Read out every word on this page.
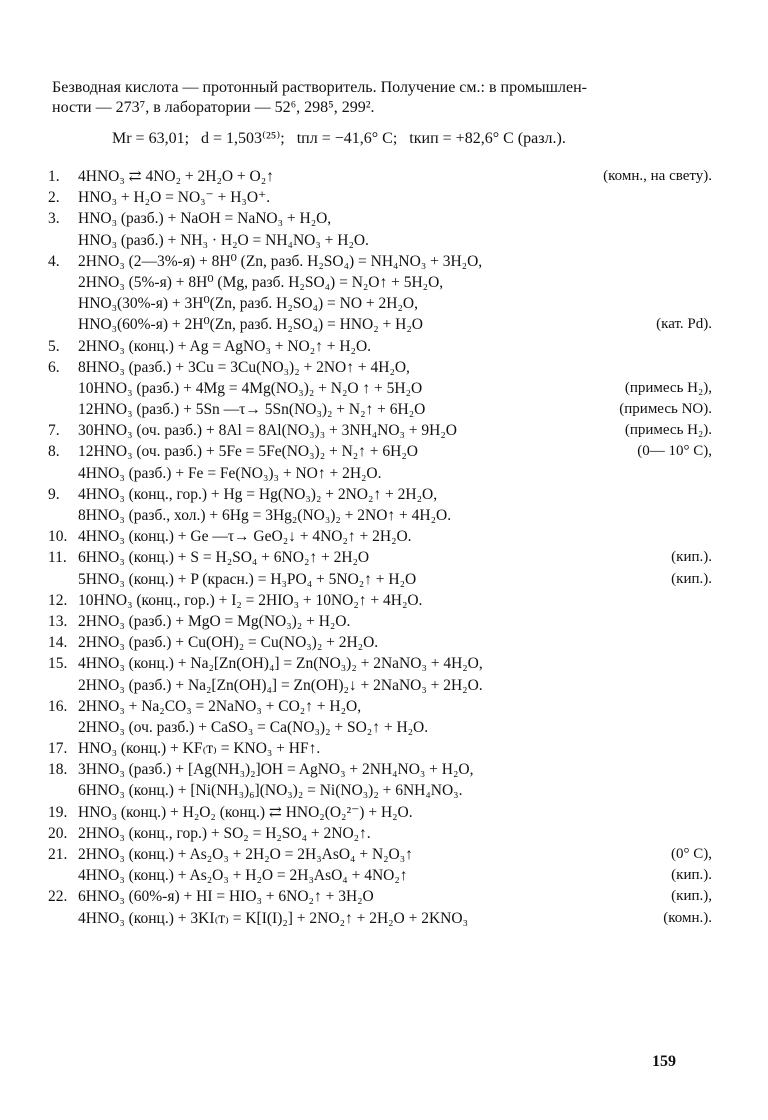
Безводная кислота — протонный растворитель. Получение см.: в промышлен-
ности — 273⁷, в лаборатории — 52⁶, 298⁵, 299².
Mr = 63,01; d = 1,503⁽²⁵⁾; tпл = −41,6° C; tкип = +82,6° C (разл.).
1.	4HNO₃ ⇄ 4NO₂ + 2H₂O + O₂↑	(комн., на свету).
2.	HNO₃ + H₂O = NO₃⁻ + H₃O⁺.
3.	HNO₃ (разб.) + NaOH = NaNO₃ + H₂O,
HNO₃ (разб.) + NH₃ · H₂O = NH₄NO₃ + H₂O.
4.	2HNO₃ (2—3%-я) + 8H⁰ (Zn, разб. H₂SO₄) = NH₄NO₃ + 3H₂O,
2HNO₃ (5%-я) + 8H⁰ (Mg, разб. H₂SO₄) = N₂O↑ + 5H₂O,
HNO₃(30%-я) + 3H⁰(Zn, разб. H₂SO₄) = NO + 2H₂O,
HNO₃(60%-я) + 2H⁰(Zn, разб. H₂SO₄) = HNO₂ + H₂O	(кат. Pd).
5.	2HNO₃ (конц.) + Ag = AgNO₃ + NO₂↑ + H₂O.
6.	8HNO₃ (разб.) + 3Cu = 3Cu(NO₃)₂ + 2NO↑ + 4H₂O,
10HNO₃ (разб.) + 4Mg = 4Mg(NO₃)₂ + N₂O ↑ + 5H₂O	(примесь H₂),
12HNO₃ (разб.) + 5Sn —τ→ 5Sn(NO₃)₂ + N₂↑ + 6H₂O	(примесь NO).
7.	30HNO₃ (оч. разб.) + 8Al = 8Al(NO₃)₃ + 3NH₄NO₃ + 9H₂O	(примесь H₂).
8.	12HNO₃ (оч. разб.) + 5Fe = 5Fe(NO₃)₂ + N₂↑ + 6H₂O	(0— 10° C),
4HNO₃ (разб.) + Fe = Fe(NO₃)₃ + NO↑ + 2H₂O.
9.	4HNO₃ (конц., гор.) + Hg = Hg(NO₃)₂ + 2NO₂↑ + 2H₂O,
8HNO₃ (разб., хол.) + 6Hg = 3Hg₂(NO₃)₂ + 2NO↑ + 4H₂O.
10. 4HNO₃ (конц.) + Ge —τ→ GeO₂↓ + 4NO₂↑ + 2H₂O.
11. 6HNO₃ (конц.) + S = H₂SO₄ + 6NO₂↑ + 2H₂O	(кип.).
5HNO₃ (конц.) + P (красн.) = H₃PO₄ + 5NO₂↑ + H₂O	(кип.).
12. 10HNO₃ (конц., гор.) + I₂ = 2HIO₃ + 10NO₂↑ + 4H₂O.
13. 2HNO₃ (разб.) + MgO = Mg(NO₃)₂ + H₂O.
14. 2HNO₃ (разб.) + Cu(OH)₂ = Cu(NO₃)₂ + 2H₂O.
15. 4HNO₃ (конц.) + Na₂[Zn(OH)₄] = Zn(NO₃)₂ + 2NaNO₃ + 4H₂O,
2HNO₃ (разб.) + Na₂[Zn(OH)₄] = Zn(OH)₂↓ + 2NaNO₃ + 2H₂O.
16. 2HNO₃ + Na₂CO₃ = 2NaNO₃ + CO₂↑ + H₂O,
2HNO₃ (оч. разб.) + CaSO₃ = Ca(NO₃)₂ + SO₂↑ + H₂O.
17. HNO₃ (конц.) + KF₍т₎ = KNO₃ + HF↑.
18. 3HNO₃ (разб.) + [Ag(NH₃)₂]OH = AgNO₃ + 2NH₄NO₃ + H₂O,
6HNO₃ (конц.) + [Ni(NH₃)₆](NO₃)₂ = Ni(NO₃)₂ + 6NH₄NO₃.
19. HNO₃ (конц.) + H₂O₂ (конц.) ⇄ HNO₂(O₂²⁻) + H₂O.
20. 2HNO₃ (конц., гор.) + SO₂ = H₂SO₄ + 2NO₂↑.
21. 2HNO₃ (конц.) + As₂O₃ + 2H₂O = 2H₃AsO₄ + N₂O₃↑	(0° C),
4HNO₃ (конц.) + As₂O₃ + H₂O = 2H₃AsO₄ + 4NO₂↑	(кип.).
22. 6HNO₃ (60%-я) + HI = HIO₃ + 6NO₂↑ + 3H₂O	(кип.),
4HNO₃ (конц.) + 3KI₍т₎ = K[I(I)₂] + 2NO₂↑ + 2H₂O + 2KNO₃	(комн.).
159
